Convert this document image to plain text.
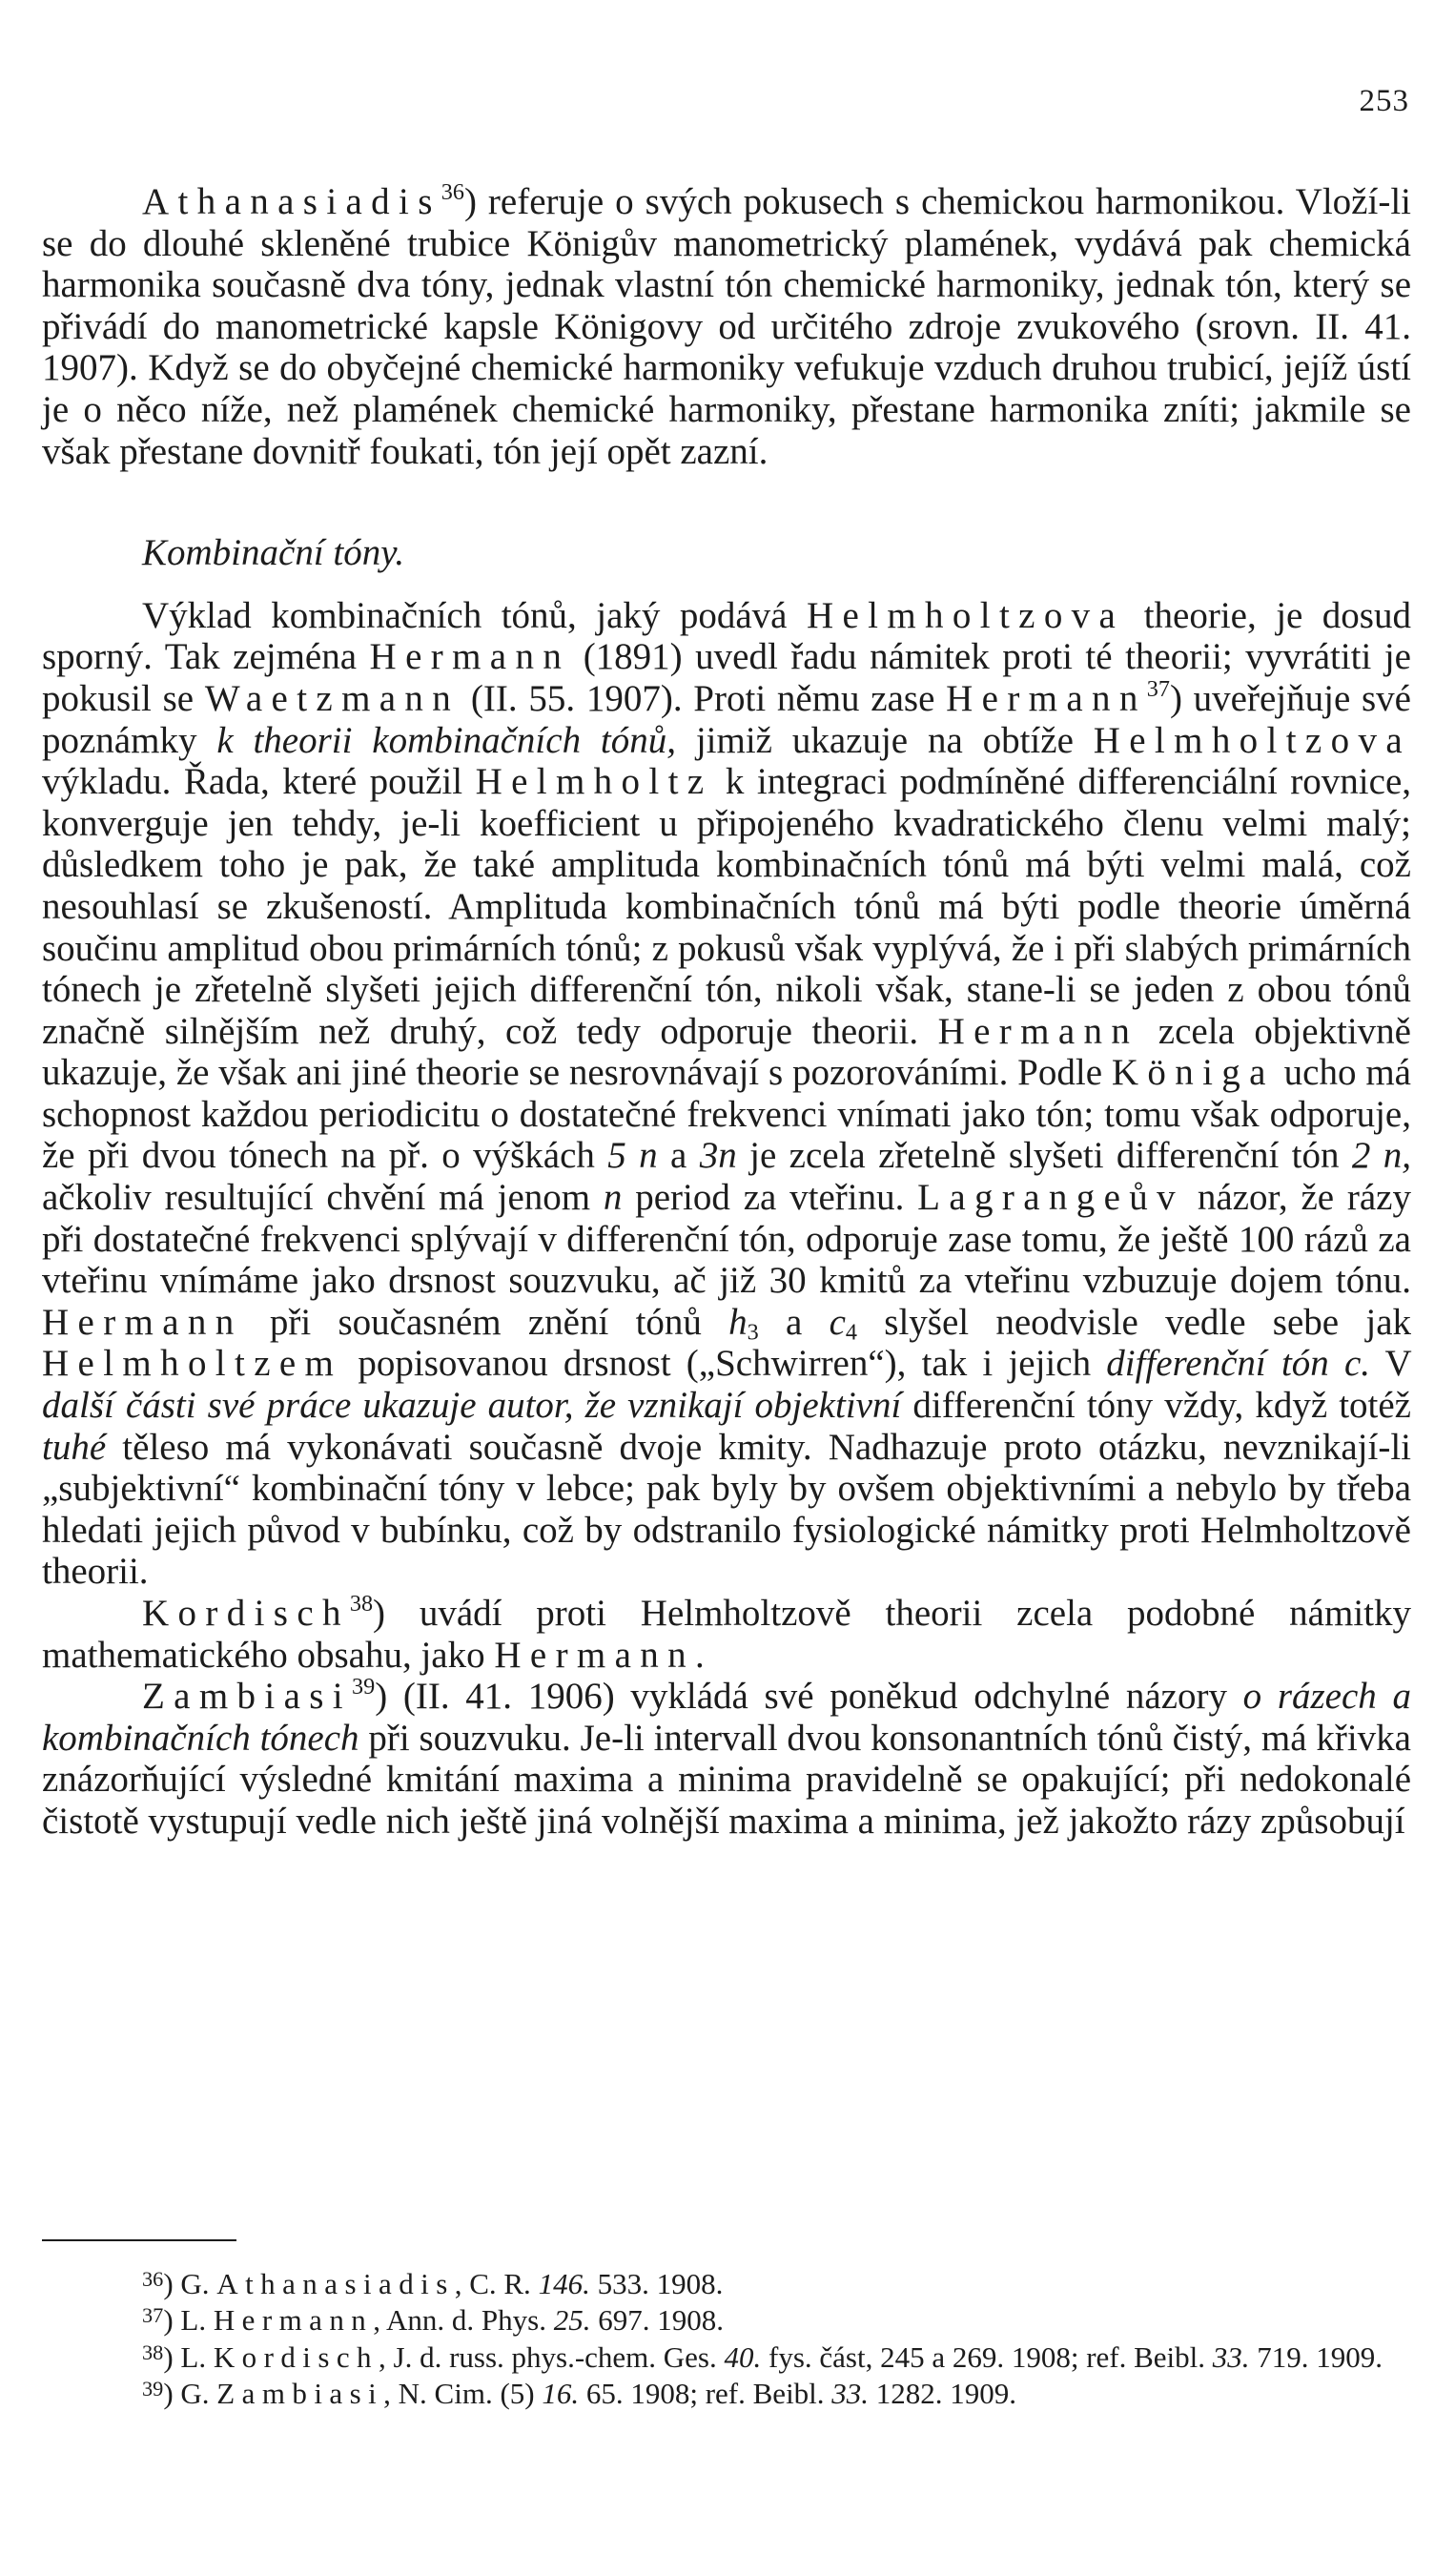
253

Athanasiadis$^{36}$) referuje o svých pokusech s chemickou harmonikou. Vloží-li se do dlouhé skleněné trubice Königův manometrický plamének, vydává pak chemická harmonika současně dva tóny, jednak vlastní tón chemické harmoniky, jednak tón, který se přivádí do manometrické kapsle Königovy od určitého zdroje zvukového (srovn. II. 41. 1907). Když se do obyčejné chemické harmoniky vefukuje vzduch druhou trubicí, jejíž ústí je o něco níže, než plamének chemické harmoniky, přestane harmonika zníti; jakmile se však přestane dovnitř foukati, tón její opět zazní.

Kombinační tóny.

Výklad kombinačních tónů, jaký podává Helmholtzova theorie, je dosud sporný. Tak zejména Hermann (1891) uvedl řadu námitek proti té theorii; vyvrátiti je pokusil se Waetzmann (II. 55. 1907). Proti němu zase Hermann$^{37}$) uveřejňuje své poznámky k theorii kombinačních tónů, jimiž ukazuje na obtíže Helmholtzova výkladu. Řada, které použil Helmholtz k integraci podmíněné differenciální rovnice, konverguje jen tehdy, je-li koefficient u připojeného kvadratického členu velmi malý; důsledkem toho je pak, že také amplituda kombinačních tónů má býti velmi malá, což nesouhlasí se zkušeností. Amplituda kombinačních tónů má býti podle theorie úměrná součinu amplitud obou primárních tónů; z pokusů však vyplývá, že i při slabých primárních tónech je zřetelně slyšeti jejich differenční tón, nikoli však, stane-li se jeden z obou tónů značně silnějším než druhý, což tedy odporuje theorii. Hermann zcela objektivně ukazuje, že však ani jiné theorie se nesrovnávají s pozorováními. Podle Königa ucho má schopnost každou periodicitu o dostatečné frekvenci vnímati jako tón; tomu však odporuje, že při dvou tónech na př. o výškách 5 n a 3n je zcela zřetelně slyšeti differenční tón 2 n, ačkoliv resultující chvění má jenom n period za vteřinu. Lagrangeův názor, že rázy při dostatečné frekvenci splývají v differenční tón, odporuje zase tomu, že ještě 100 rázů za vteřinu vnímáme jako drsnost souzvuku, ač již 30 kmitů za vteřinu vzbuzuje dojem tónu. Hermann při současném znění tónů $h_3$ a $c_4$ slyšel neodvisle vedle sebe jak Helmholtzem popisovanou drsnost („Schwirren“), tak i jejich differenční tón c. V další části své práce ukazuje autor, že vznikají objektivní differenční tóny vždy, když totéž tuhé těleso má vykonávati současně dvoje kmity. Nadhazuje proto otázku, nevznikají-li „subjektivní“ kombinační tóny v lebce; pak byly by ovšem objektivními a nebylo by třeba hledati jejich původ v bubínku, což by odstranilo fysiologické námitky proti Helmholtzově theorii.

Kordisch$^{38}$) uvádí proti Helmholtzově theorii zcela podobné námitky mathematického obsahu, jako Hermann.

Zambiasi$^{39}$) (II. 41. 1906) vykládá své poněkud odchylné názory o rázech a kombinačních tónech při souzvuku. Je-li intervall dvou konsonantních tónů čistý, má křivka znázorňující výsledné kmitání maxima a minima pravidelně se opakující; při nedokonalé čistotě vystupují vedle nich ještě jiná volnější maxima a minima, jež jakožto rázy způsobují

$^{36}$) G. Athanasiadis, C. R. 146. 533. 1908.

$^{37}$) L. Hermann, Ann. d. Phys. 25. 697. 1908.

$^{38}$) L. Kordisch, J. d. russ. phys.-chem. Ges. 40. fys. část, 245 a 269. 1908; ref. Beibl. 33. 719. 1909.

$^{39}$) G. Zambiasi, N. Cim. (5) 16. 65. 1908; ref. Beibl. 33. 1282. 1909.
